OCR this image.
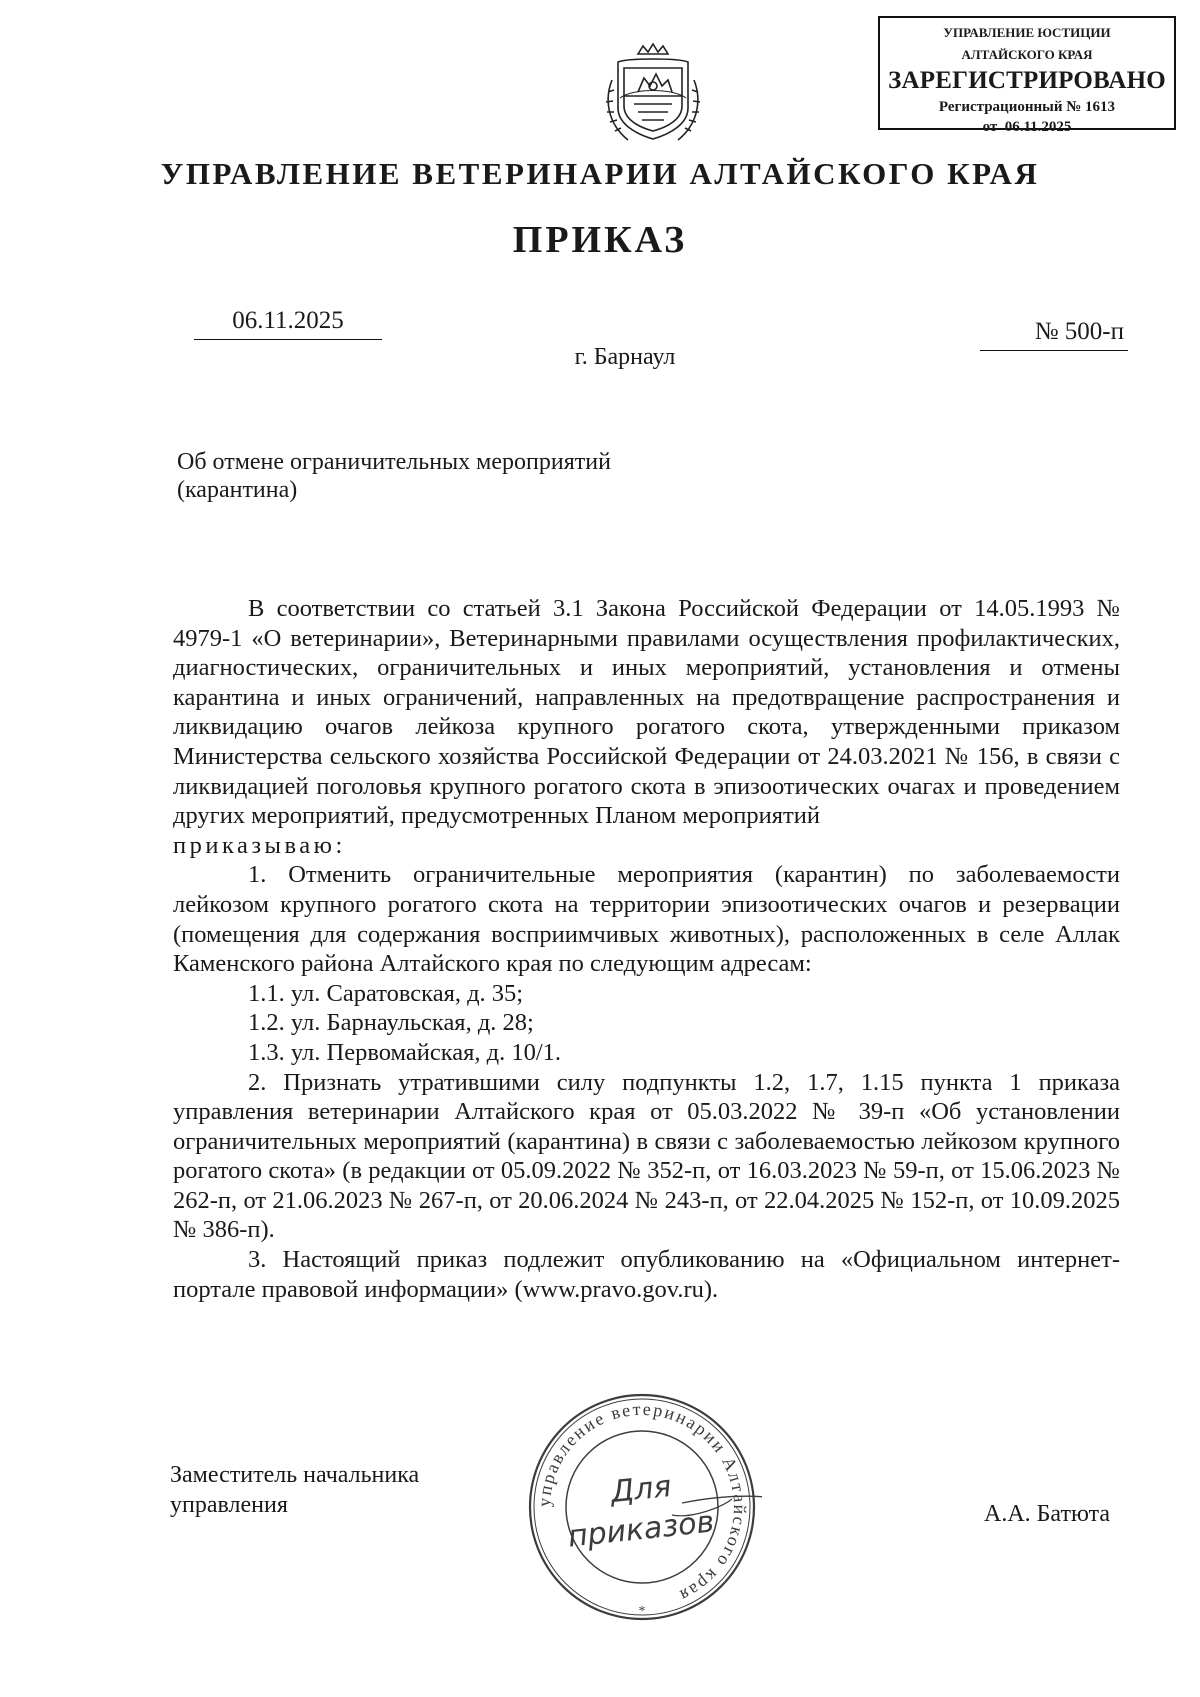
УПРАВЛЕНИЕ ЮСТИЦИИ
АЛТАЙСКОГО КРАЯ
ЗАРЕГИСТРИРОВАНО
Регистрационный № 1613
от  06.11.2025
УПРАВЛЕНИЕ ВЕТЕРИНАРИИ АЛТАЙСКОГО КРАЯ
ПРИКАЗ
06.11.2025	№ 500-п
г. Барнаул
Об отмене ограничительных мероприятий
(карантина)

В соответствии со статьей 3.1 Закона Российской Федерации от 14.05.1993 № 4979-1 «О ветеринарии», Ветеринарными правилами осуществления профилактических, диагностических, ограничительных и иных мероприятий, установления и отмены карантина и иных ограничений, направленных на предотвращение распространения и ликвидацию очагов лейкоза крупного рогатого скота, утвержденными приказом Министерства сельского хозяйства Российской Федерации от 24.03.2021 № 156, в связи с ликвидацией поголовья крупного рогатого скота в эпизоотических очагах и проведением других мероприятий, предусмотренных Планом мероприятий

приказываю:

1. Отменить ограничительные мероприятия (карантин) по заболеваемости лейкозом крупного рогатого скота на территории эпизоотических очагов и резервации (помещения для содержания восприимчивых животных), расположенных в селе Аллак Каменского района Алтайского края по следующим адресам:

1.1. ул. Саратовская, д. 35;

1.2. ул. Барнаульская, д. 28;

1.3. ул. Первомайская, д. 10/1.

2. Признать утратившими силу подпункты 1.2, 1.7, 1.15 пункта 1 приказа управления ветеринарии Алтайского края от 05.03.2022 № 39-п «Об установлении ограничительных мероприятий (карантина) в связи с заболеваемостью лейкозом крупного рогатого скота» (в редакции от 05.09.2022 № 352-п, от 16.03.2023 № 59-п, от 15.06.2023 № 262-п, от 21.06.2023 № 267-п, от 20.06.2024 № 243-п, от 22.04.2025 № 152-п, от 10.09.2025 № 386-п).

3. Настоящий приказ подлежит опубликованию на «Официальном интернет-портале правовой информации» (www.pravo.gov.ru).

Заместитель начальника
управления	А.А. Батюта
управление ветеринарии Алтайского края
Для
приказов
*
